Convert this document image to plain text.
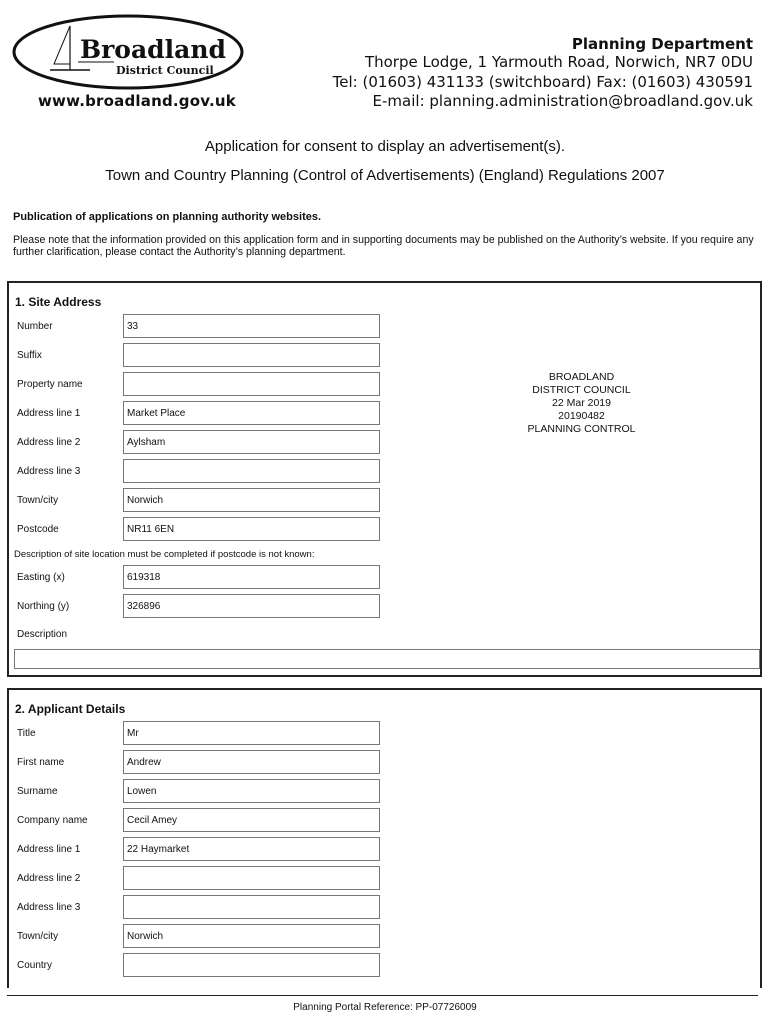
Broadland
District Council
www.broadland.gov.uk
Planning Department
Thorpe Lodge, 1 Yarmouth Road, Norwich, NR7 0DU
Tel: (01603) 431133 (switchboard) Fax: (01603) 430591
E-mail: planning.administration@broadland.gov.uk
Application for consent to display an advertisement(s).
Town and Country Planning (Control of Advertisements) (England) Regulations 2007
Publication of applications on planning authority websites.
Please note that the information provided on this application form and in supporting documents may be published on the Authority’s website. If you require any further clarification, please contact the Authority’s planning department.
1. Site Address
Number	33
Suffix
Property name
Address line 1	Market Place
Address line 2	Aylsham
Address line 3
Town/city	Norwich
Postcode	NR11 6EN
Description of site location must be completed if postcode is not known:
Easting (x)	619318
Northing (y)	326896
Description
BROADLAND
DISTRICT COUNCIL
22 Mar 2019
20190482
PLANNING CONTROL
2. Applicant Details
Title	Mr
First name	Andrew
Surname	Lowen
Company name	Cecil Amey
Address line 1	22 Haymarket
Address line 2
Address line 3
Town/city	Norwich
Country
Planning Portal Reference: PP-07726009
